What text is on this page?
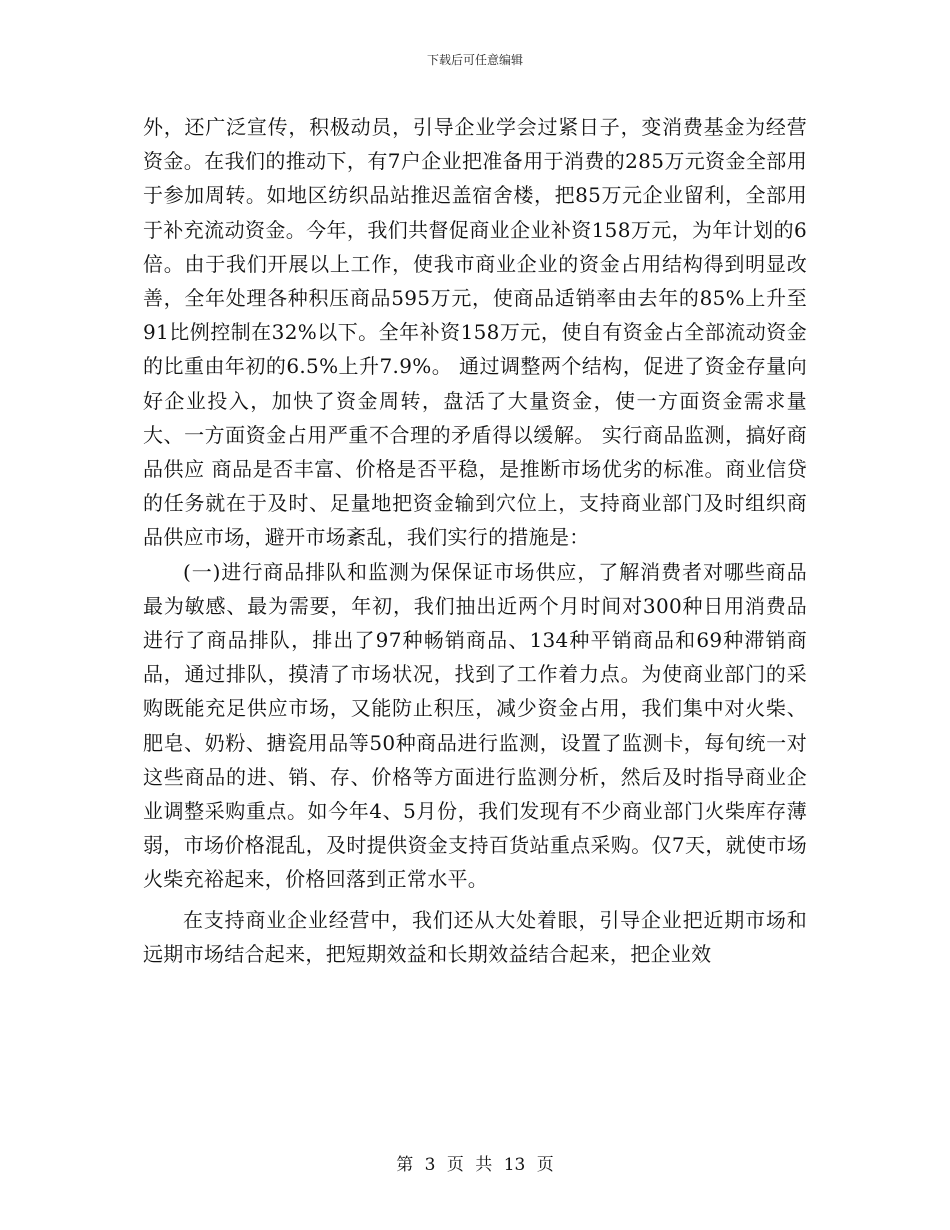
下载后可任意编辑

外，还广泛宣传，积极动员，引导企业学会过紧日子，变消费基金为经营资金。在我们的推动下，有7户企业把准备用于消费的285万元资金全部用于参加周转。如地区纺织品站推迟盖宿舍楼，把85万元企业留利，全部用于补充流动资金。今年，我们共督促商业企业补资158万元，为年计划的6倍。由于我们开展以上工作，使我市商业企业的资金占用结构得到明显改善，全年处理各种积压商品595万元，使商品适销率由去年的85%上升至91比例控制在32%以下。全年补资158万元，使自有资金占全部流动资金的比重由年初的6.5%上升7.9%。 通过调整两个结构，促进了资金存量向好企业投入，加快了资金周转，盘活了大量资金，使一方面资金需求量大、一方面资金占用严重不合理的矛盾得以缓解。 实行商品监测，搞好商品供应 商品是否丰富、价格是否平稳，是推断市场优劣的标准。商业信贷的任务就在于及时、足量地把资金输到穴位上，支持商业部门及时组织商品供应市场，避开市场紊乱，我们实行的措施是：

(一)进行商品排队和监测为保保证市场供应，了解消费者对哪些商品最为敏感、最为需要，年初，我们抽出近两个月时间对300种日用消费品进行了商品排队，排出了97种畅销商品、134种平销商品和69种滞销商品，通过排队，摸清了市场状况，找到了工作着力点。为使商业部门的采购既能充足供应市场，又能防止积压，减少资金占用，我们集中对火柴、肥皂、奶粉、搪瓷用品等50种商品进行监测，设置了监测卡，每旬统一对这些商品的进、销、存、价格等方面进行监测分析，然后及时指导商业企业调整采购重点。如今年4、5月份，我们发现有不少商业部门火柴库存薄弱，市场价格混乱，及时提供资金支持百货站重点采购。仅7天，就使市场火柴充裕起来，价格回落到正常水平。

在支持商业企业经营中，我们还从大处着眼，引导企业把近期市场和远期市场结合起来，把短期效益和长期效益结合起来，把企业效

第 3 页 共 13 页
